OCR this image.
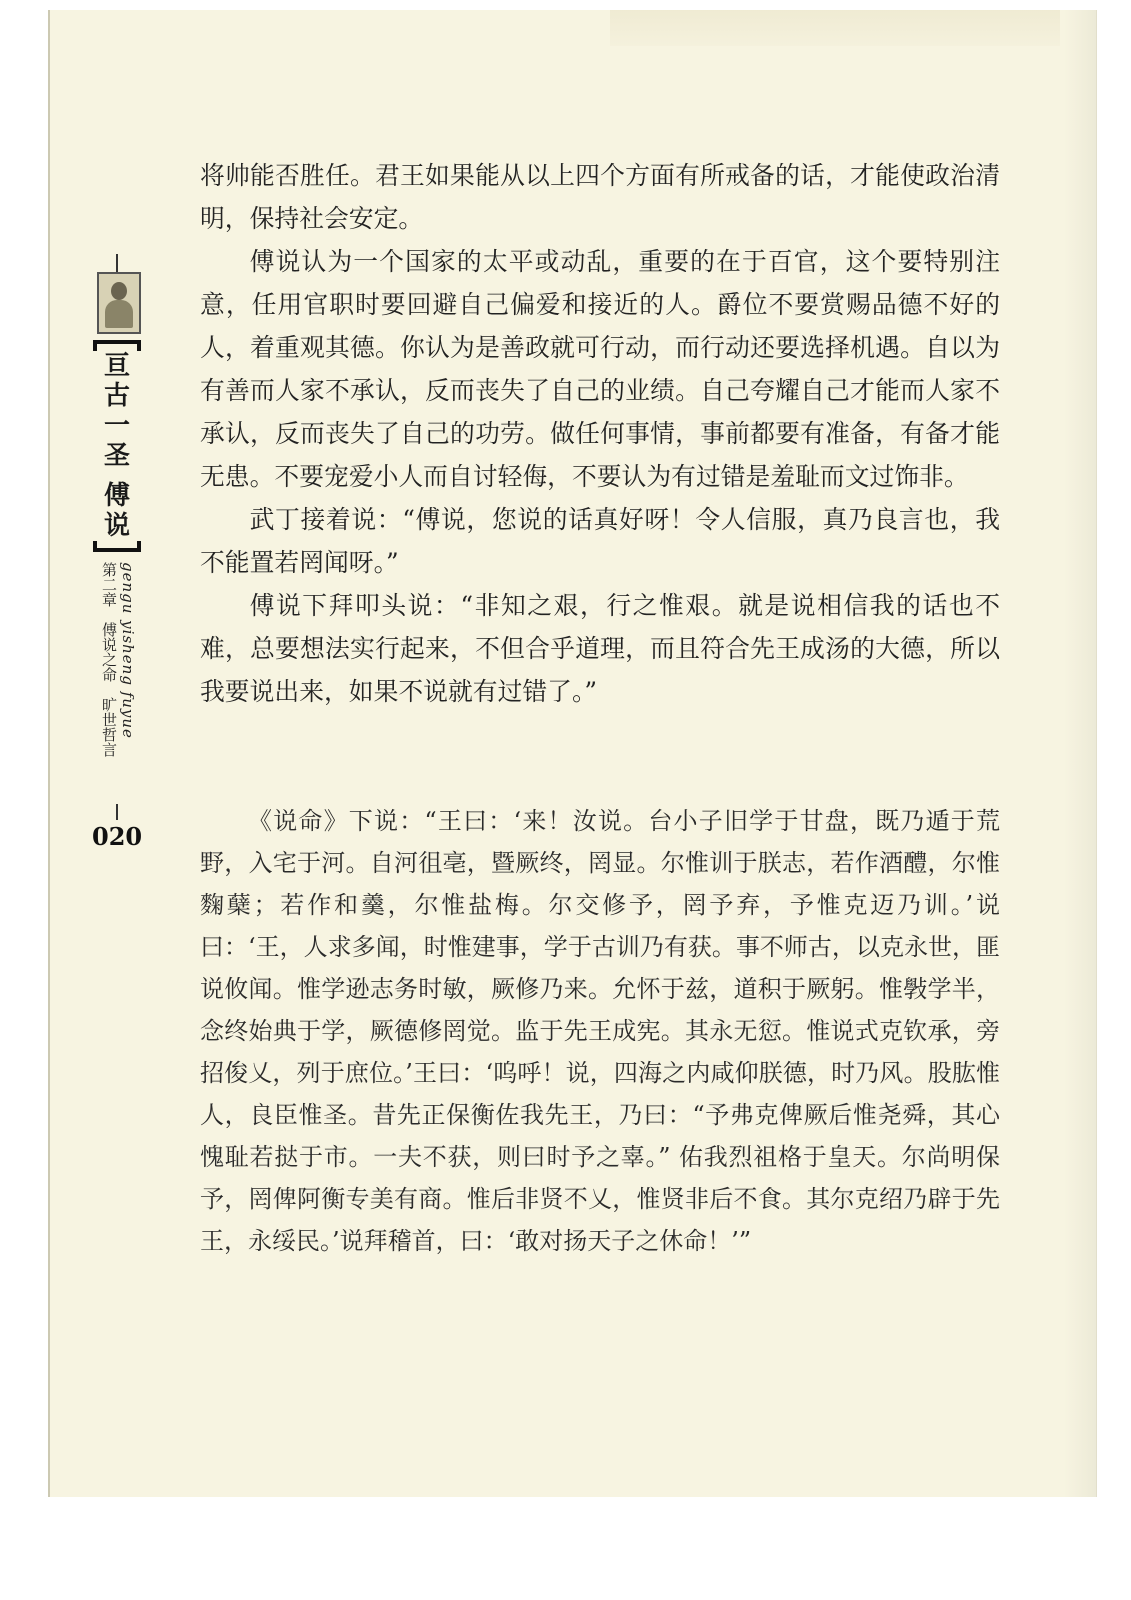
亘
古
一
圣
傅
说
gengu yisheng fuyue
第二章　傅说之命　旷世哲言
020

将帅能否胜任。君王如果能从以上四个方面有所戒备的话，才能使政治清明，保持社会安定。

傅说认为一个国家的太平或动乱，重要的在于百官，这个要特别注意，任用官职时要回避自己偏爱和接近的人。爵位不要赏赐品德不好的人，着重观其德。你认为是善政就可行动，而行动还要选择机遇。自以为有善而人家不承认，反而丧失了自己的业绩。自己夸耀自己才能而人家不承认，反而丧失了自己的功劳。做任何事情，事前都要有准备，有备才能无患。不要宠爱小人而自讨轻侮，不要认为有过错是羞耻而文过饰非。

武丁接着说：“傅说，您说的话真好呀！令人信服，真乃良言也，我不能置若罔闻呀。”

傅说下拜叩头说：“非知之艰，行之惟艰。就是说相信我的话也不难，总要想法实行起来，不但合乎道理，而且符合先王成汤的大德，所以我要说出来，如果不说就有过错了。”

《说命》下说：“王曰：‘来！汝说。台小子旧学于甘盘，既乃遁于荒野，入宅于河。自河徂亳，暨厥终，罔显。尔惟训于朕志，若作酒醴，尔惟麴蘖；若作和羹，尔惟盐梅。尔交修予，罔予弃，予惟克迈乃训。’说曰：‘王，人求多闻，时惟建事，学于古训乃有获。事不师古，以克永世，匪说攸闻。惟学逊志务时敏，厥修乃来。允怀于兹，道积于厥躬。惟斅学半，念终始典于学，厥德修罔觉。监于先王成宪。其永无愆。惟说式克钦承，旁招俊乂，列于庶位。’王曰：‘呜呼！说，四海之内咸仰朕德，时乃风。股肱惟人，良臣惟圣。昔先正保衡佐我先王，乃曰：“予弗克俾厥后惟尧舜，其心愧耻若挞于市。一夫不获，则曰时予之辜。” 佑我烈祖格于皇天。尔尚明保予，罔俾阿衡专美有商。惟后非贤不乂，惟贤非后不食。其尔克绍乃辟于先王，永绥民。’说拜稽首，曰：‘敢对扬天子之休命！’”
